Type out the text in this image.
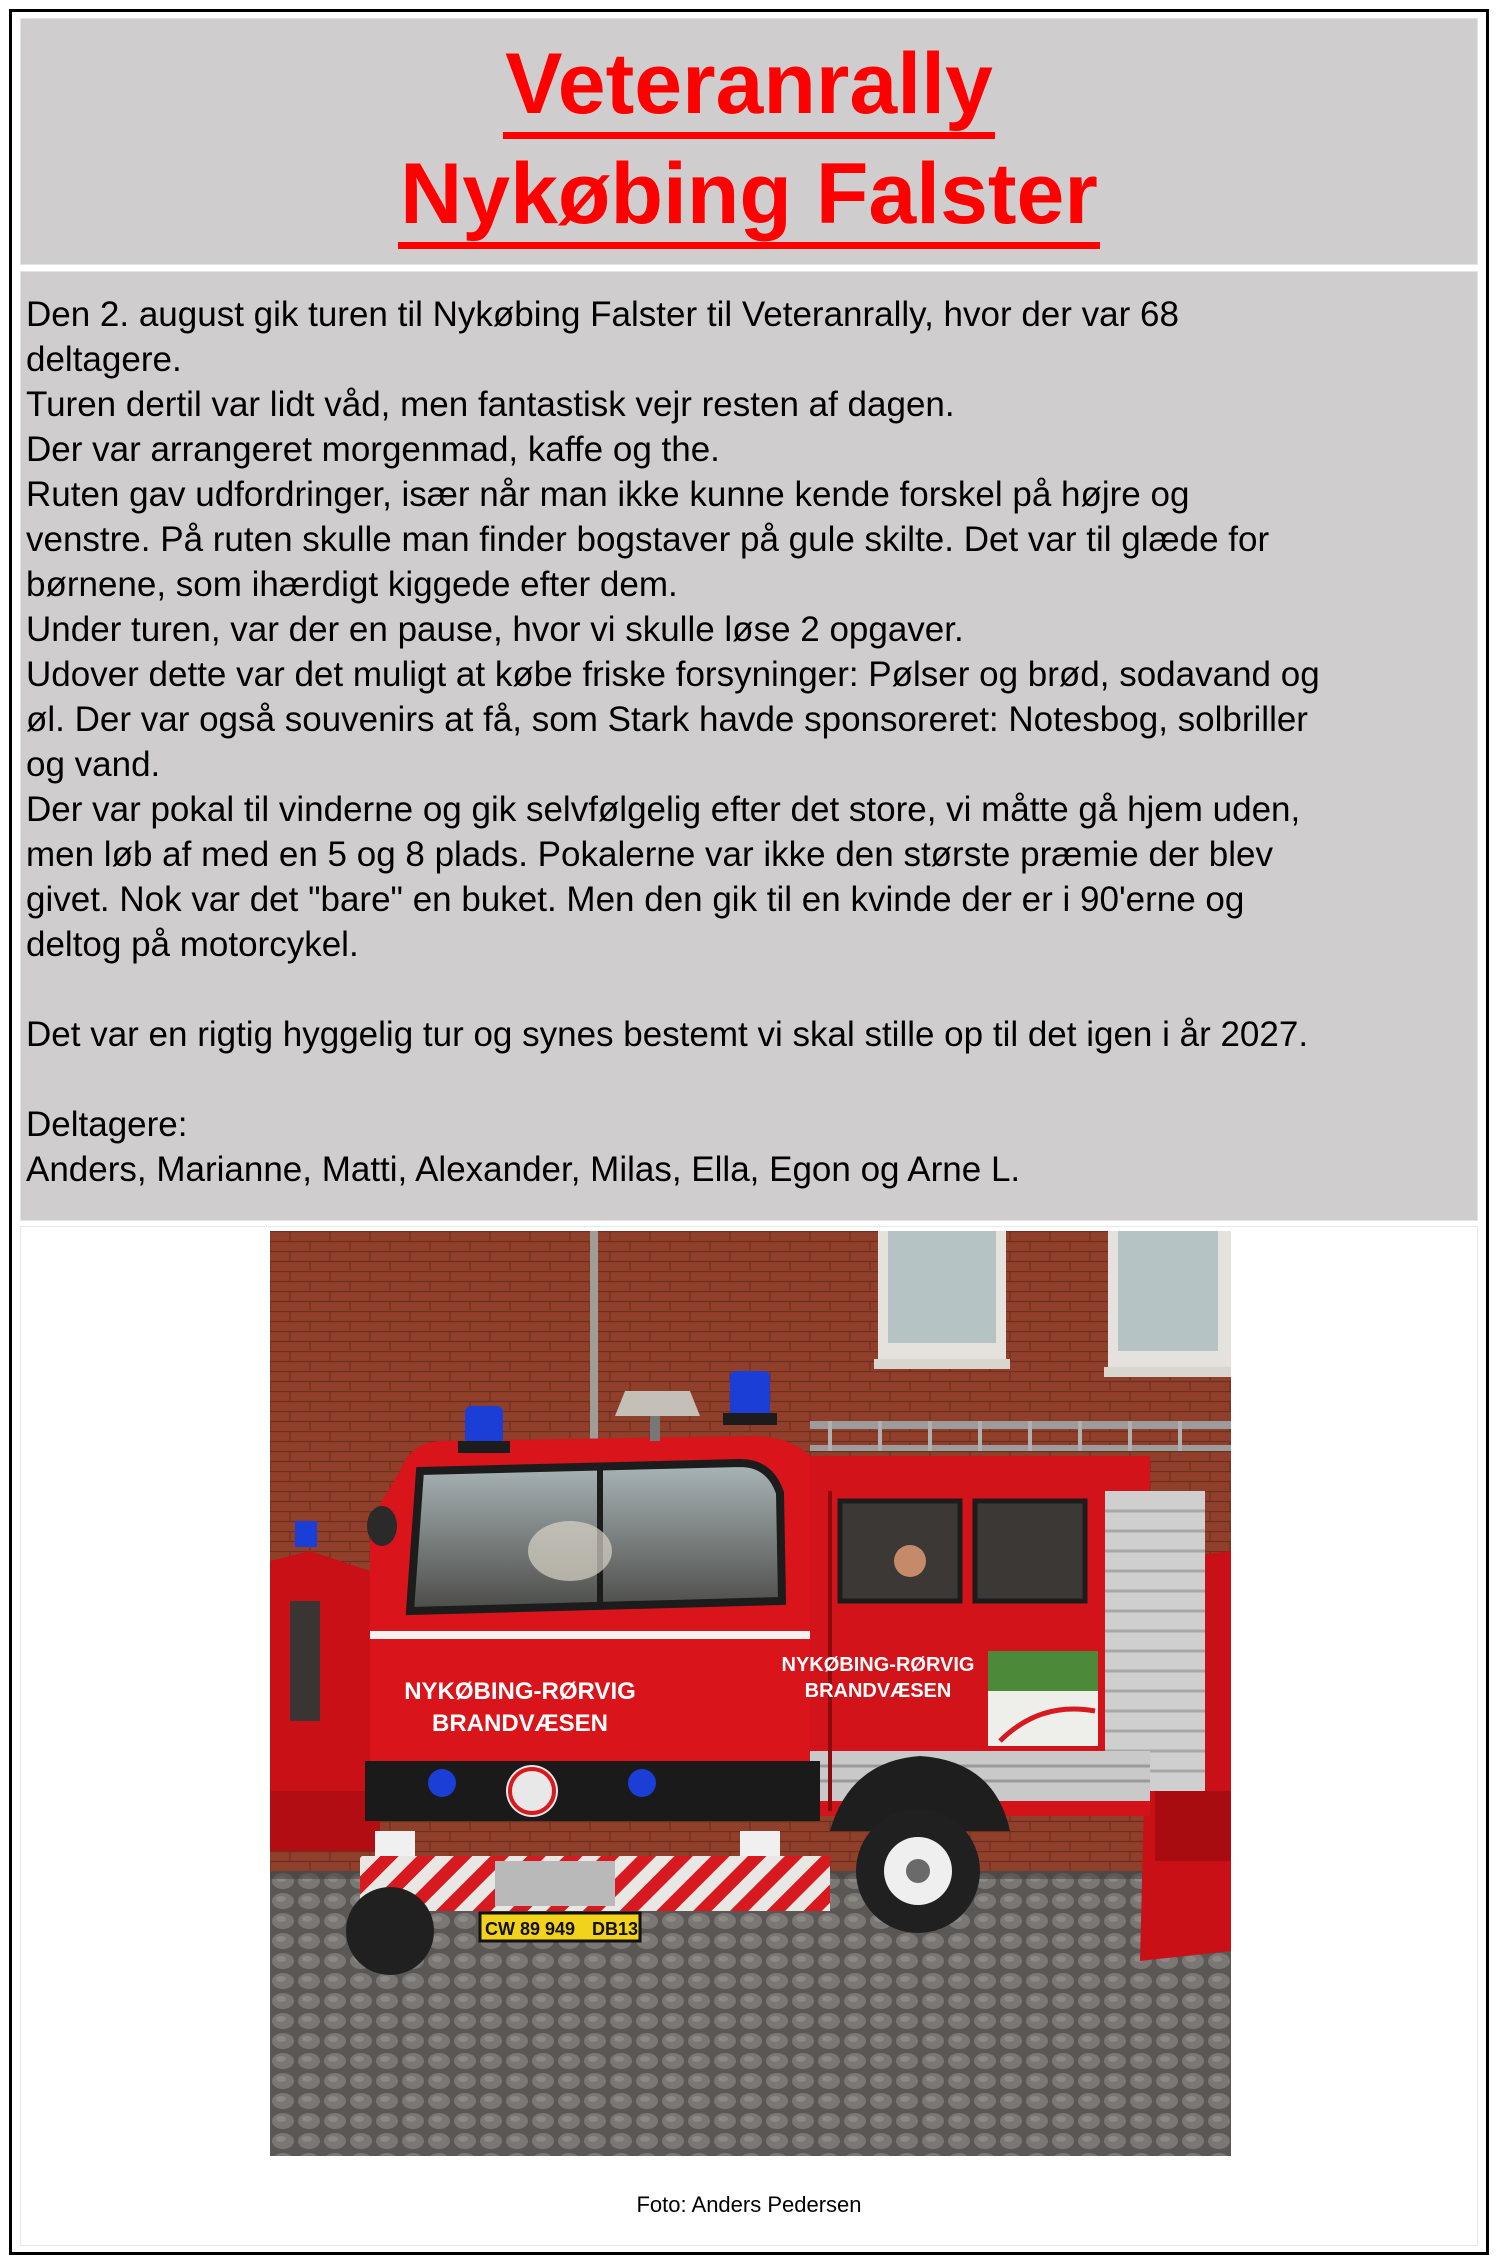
Veteranrally
Nykøbing Falster
Den 2. august gik turen til Nykøbing Falster til Veteranrally, hvor der var 68
deltagere.
Turen dertil var lidt våd, men fantastisk vejr resten af dagen.
Der var arrangeret morgenmad, kaffe og the.
Ruten gav udfordringer, især når man ikke kunne kende forskel på højre og
venstre. På ruten skulle man finder bogstaver på gule skilte. Det var til glæde for
børnene, som ihærdigt kiggede efter dem.
Under turen, var der en pause, hvor vi skulle løse 2 opgaver.
Udover dette var det muligt at købe friske forsyninger: Pølser og brød, sodavand og
øl. Der var også souvenirs at få, som Stark havde sponsoreret: Notesbog, solbriller
og vand.
Der var pokal til vinderne og gik selvfølgelig efter det store, vi måtte gå hjem uden,
men løb af med en 5 og 8 plads. Pokalerne var ikke den største præmie der blev
givet. Nok var det "bare" en buket. Men den gik til en kvinde der er i 90'erne og
deltog på motorcykel.
Det var en rigtig hyggelig tur og synes bestemt vi skal stille op til det igen i år 2027.
Deltagere:
Anders, Marianne, Matti, Alexander, Milas, Ella, Egon og Arne L.
NYKØBING-RØRVIG
BRANDVÆSEN
NYKØBING-RØRVIG
BRANDVÆSEN
CW 89 949 DB13
Foto: Anders Pedersen
